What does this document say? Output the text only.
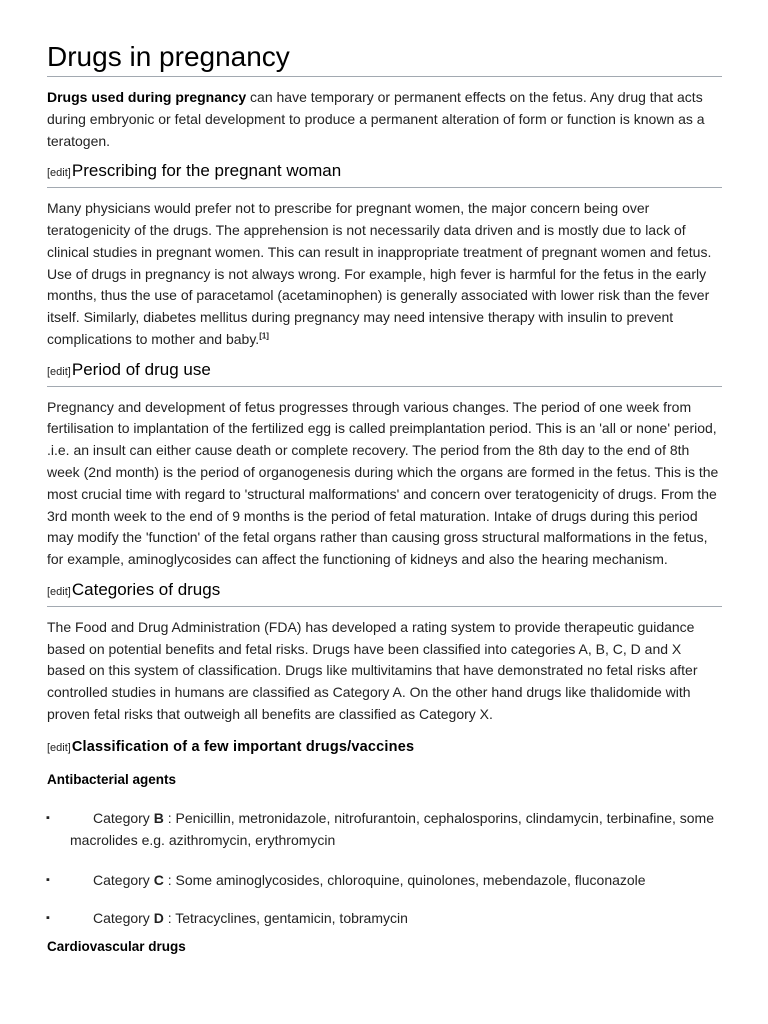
Drugs in pregnancy

Drugs used during pregnancy can have temporary or permanent effects on the fetus. Any drug that acts during embryonic or fetal development to produce a permanent alteration of form or function is known as a teratogen.

[edit] Prescribing for the pregnant woman

Many physicians would prefer not to prescribe for pregnant women, the major concern being over teratogenicity of the drugs. The apprehension is not necessarily data driven and is mostly due to lack of clinical studies in pregnant women. This can result in inappropriate treatment of pregnant women and fetus. Use of drugs in pregnancy is not always wrong. For example, high fever is harmful for the fetus in the early months, thus the use of paracetamol (acetaminophen) is generally associated with lower risk than the fever itself. Similarly, diabetes mellitus during pregnancy may need intensive therapy with insulin to prevent complications to mother and baby.[1]

[edit] Period of drug use

Pregnancy and development of fetus progresses through various changes. The period of one week from fertilisation to implantation of the fertilized egg is called preimplantation period. This is an 'all or none' period, .i.e. an insult can either cause death or complete recovery. The period from the 8th day to the end of 8th week (2nd month) is the period of organogenesis during which the organs are formed in the fetus. This is the most crucial time with regard to 'structural malformations' and concern over teratogenicity of drugs. From the 3rd month week to the end of 9 months is the period of fetal maturation. Intake of drugs during this period may modify the 'function' of the fetal organs rather than causing gross structural malformations in the fetus, for example, aminoglycosides can affect the functioning of kidneys and also the hearing mechanism.

[edit] Categories of drugs

The Food and Drug Administration (FDA) has developed a rating system to provide therapeutic guidance based on potential benefits and fetal risks. Drugs have been classified into categories A, B, C, D and X based on this system of classification. Drugs like multivitamins that have demonstrated no fetal risks after controlled studies in humans are classified as Category A. On the other hand drugs like thalidomide with proven fetal risks that outweigh all benefits are classified as Category X.

[edit] Classification of a few important drugs/vaccines
Antibacterial agents
▪	Category B : Penicillin, metronidazole, nitrofurantoin, cephalosporins, clindamycin, terbinafine, some macrolides e.g. azithromycin, erythromycin
▪	Category C : Some aminoglycosides, chloroquine, quinolones, mebendazole, fluconazole
▪	Category D : Tetracyclines, gentamicin, tobramycin
Cardiovascular drugs
